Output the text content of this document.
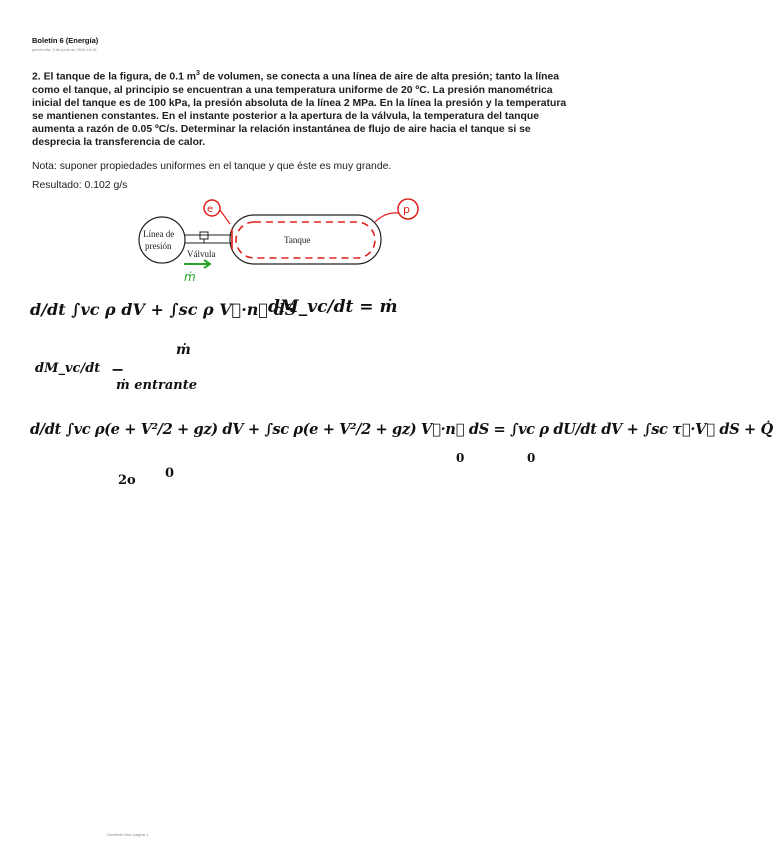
Boletín 6 (Energía)
jueves día, 9 de junio de 2016 10:16
2. El tanque de la figura, de 0.1 $m^3$ de volumen, se conecta a una línea de aire de alta presión; tanto la línea como el tanque, al principio se encuentran a una temperatura uniforme de 20 ºC. La presión manométrica inicial del tanque es de 100 kPa, la presión absoluta de la línea 2 MPa. En la línea la presión y la temperatura se mantienen constantes. En el instante posterior a la apertura de la válvula, la temperatura del tanque aumenta a razón de 0.05 ºC/s. Determinar la relación instantánea de flujo de aire hacia el tanque si se desprecia la transferencia de calor.
Nota: suponer propiedades uniformes en el tanque y que éste es muy grande.
Resultado: 0.102 g/s
Línea de
presión
Válvula
Tanque
e	p
ṁ
d/dt ∫vc ρ dV + ∫sc ρ V⃗·n⃗ dS
dM_vc/dt = ṁ
dM_vc/dt
ṁ
−
ṁ entrante
d/dt ∫vc ρ(e + V²/2 + gz) dV + ∫sc ρ(e + V²/2 + gz) V⃗·n⃗ dS = ∫vc ρ dU/dt dV + ∫sc τ⃗·V⃗ dS + Q̇
2o 0
0	0
OneNote Nick página 1
